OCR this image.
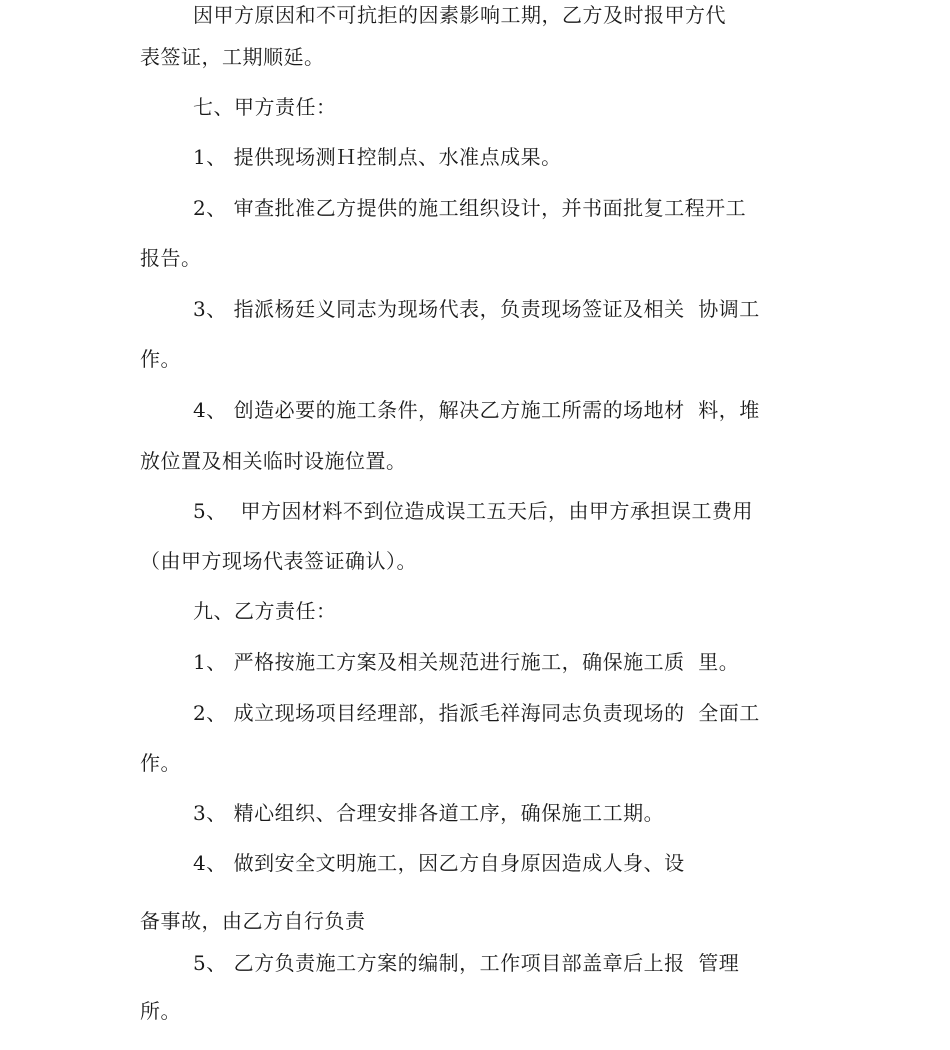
因甲方原因和不可抗拒的因素影响工期，乙方及时报甲方代
表签证，工期顺延。
七、甲方责任：
1、 提供现场测Ｈ控制点、水准点成果。
2、 审查批准乙方提供的施工组织设计，并书面批复工程开工
报告。
3、 指派杨廷义同志为现场代表，负责现场签证及相关  协调工
作。
4、 创造必要的施工条件，解决乙方施工所需的场地材  料，堆
放位置及相关临时设施位置。
5、  甲方因材料不到位造成误工五天后，由甲方承担误工费用
（由甲方现场代表签证确认）。
九、乙方责任：
1、 严格按施工方案及相关规范进行施工，确保施工质  里。
2、 成立现场项目经理部，指派毛祥海同志负责现场的  全面工
作。
3、 精心组织、合理安排各道工序，确保施工工期。
4、 做到安全文明施工，因乙方自身原因造成人身、设
备事故，由乙方自行负责
5、 乙方负责施工方案的编制，工作项目部盖章后上报  管理
所。
